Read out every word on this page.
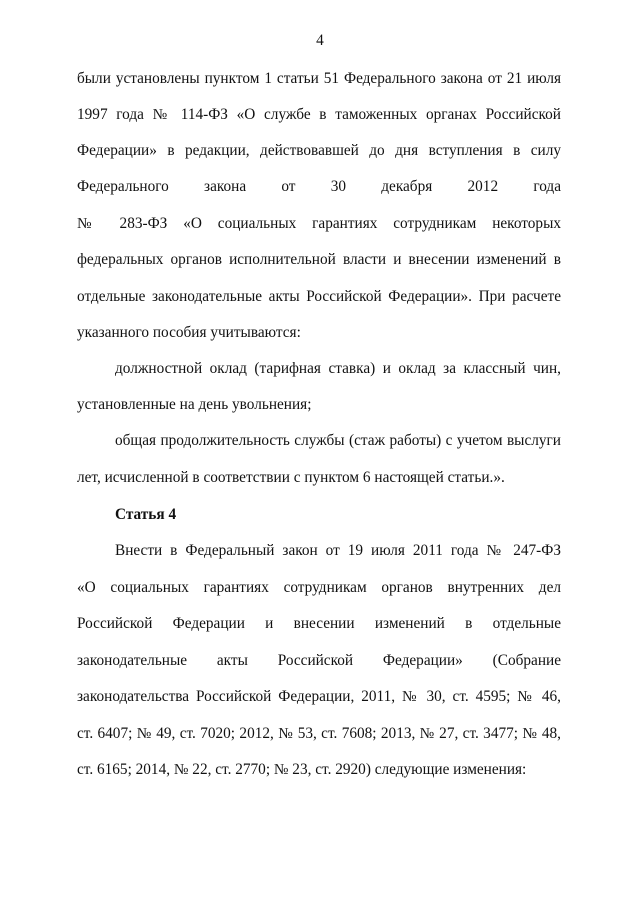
4
были установлены пунктом 1 статьи 51 Федерального закона от 21 июля
1997 года № 114-ФЗ «О службе в таможенных органах Российской
Федерации» в редакции, действовавшей до дня вступления в силу
Федерального закона от 30 декабря 2012 года
№ 283-ФЗ «О социальных гарантиях сотрудникам некоторых
федеральных органов исполнительной власти и внесении изменений в
отдельные законодательные акты Российской Федерации». При расчете
указанного пособия учитываются:
должностной оклад (тарифная ставка) и оклад за классный чин,
установленные на день увольнения;
общая продолжительность службы (стаж работы) с учетом выслуги
лет, исчисленной в соответствии с пунктом 6 настоящей статьи.».
Статья 4
Внести в Федеральный закон от 19 июля 2011 года № 247-ФЗ
«О социальных гарантиях сотрудникам органов внутренних дел
Российской Федерации и внесении изменений в отдельные
законодательные акты Российской Федерации» (Собрание
законодательства Российской Федерации, 2011, № 30, ст. 4595; № 46,
ст. 6407; № 49, ст. 7020; 2012, № 53, ст. 7608; 2013, № 27, ст. 3477; № 48,
ст. 6165; 2014, № 22, ст. 2770; № 23, ст. 2920) следующие изменения:
